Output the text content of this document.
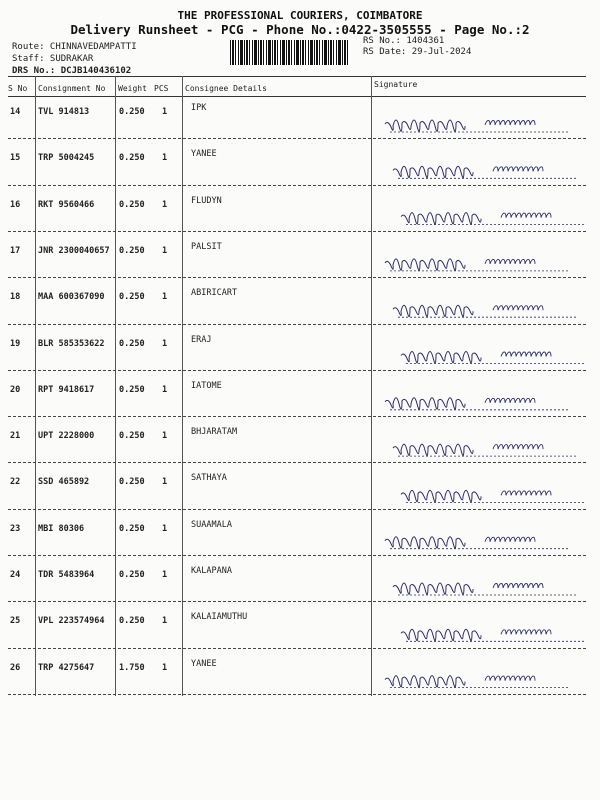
THE PROFESSIONAL COURIERS, COIMBATORE
Delivery Runsheet - PCG - Phone No.:0422-3505555 - Page No.:2
Route: CHINNAVEDAMPATTI
Staff: SUDRAKAR
DRS No.: DCJB140436102
RS No.: 1404361
RS Date: 29-Jul-2024
S No Consignment No Weight PCS Consignee Details	Signature
14 TVL 914813	0.250 1	IPK
15 TRP 5004245	0.250 1	YANEE
16 RKT 9560466	0.250 1	FLUDYN
17 JNR 2300040657 0.250 1	PALSIT
18 MAA 600367090 0.250 1	ABIRICART
19 BLR 585353622 0.250 1	ERAJ
20 RPT 9418617	0.250 1	IATOME
21 UPT 2228000	0.250 1	BHJARATAM
22 SSD 465892	0.250 1	SATHAYA
23 MBI 80306	0.250 1	SUAAMALA
24 TDR 5483964	0.250 1	KALAPANA
25 VPL 223574964 0.250 1	KALAIAMUTHU
26 TRP 4275647	1.750 1	YANEE
